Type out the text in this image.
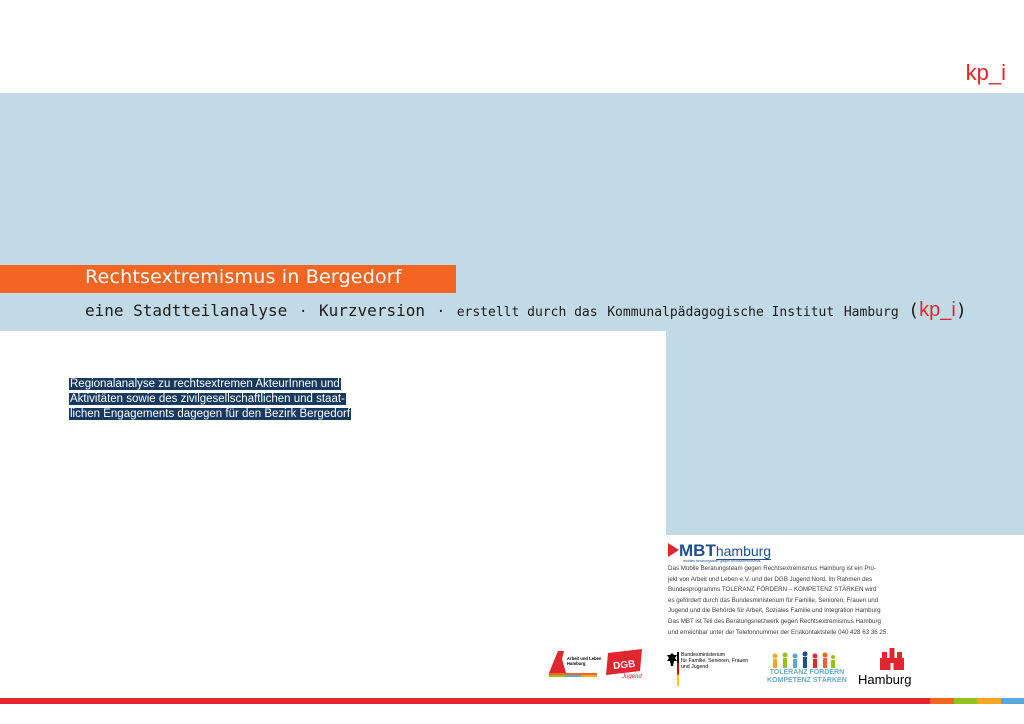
kp_i
Rechtsextremismus in Bergedorf
eine Stadtteilanalyse · Kurzversion · erstellt durch das Kommunalpädagogische Institut Hamburg (kp_i)
Regionalanalyse zu rechtsextremen AkteurInnen und
Aktivitäten sowie des zivilgesellschaftlichen und staat-
lichen Engagements dagegen für den Bezirk Bergedorf
MBT hamburg
mobiles beratungsteam gegen rechtsextremismus
Das Mobile Beratungsteam gegen Rechtsextremismus Hamburg ist ein Pro-
jekt von Arbeit und Leben e.V. und der DGB Jugend Nord. Im Rahmen des
Bundesprogramms TOLERANZ FÖRDERN – KOMPETENZ STÄRKEN wird
es gefördert durch das Bundesministerium für Familie, Senioren, Frauen und
Jugend und die Behörde für Arbeit, Soziales Familie und Integration Hamburg
Das MBT ist Teil des Beratungsnetzwerk gegen Rechtsextremismus Hamburg
und erreichbar unter der Telefonnummer der Erstkontaktstelle 040 428 63 36 25.
Arbeit und Leben
Hamburg	DGB
Jugend
Bundesministerium
für Familie, Senioren, Frauen
und Jugend
TOLERANZ FÖRDERN
KOMPETENZ STÄRKEN Hamburg
